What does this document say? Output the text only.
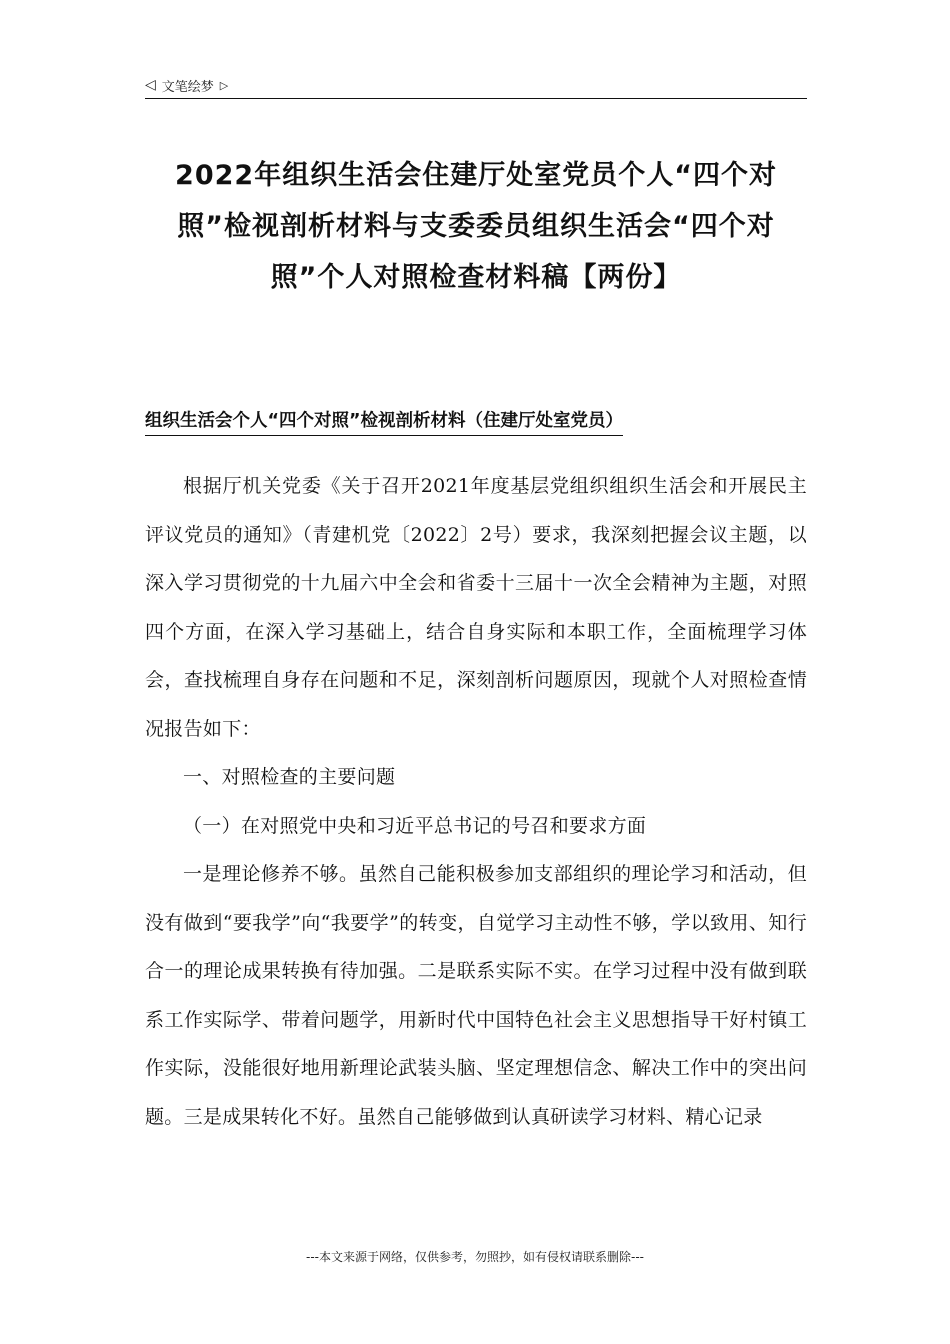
◁ 文笔绘梦 ▷
2022年组织生活会住建厅处室党员个人“四个对照”检视剖析材料与支委委员组织生活会“四个对照”个人对照检查材料稿【两份】
组织生活会个人“四个对照”检视剖析材料（住建厅处室党员）

根据厅机关党委《关于召开2021年度基层党组织组织生活会和开展民主评议党员的通知》（青建机党〔2022〕2号）要求，我深刻把握会议主题，以深入学习贯彻党的十九届六中全会和省委十三届十一次全会精神为主题，对照四个方面，在深入学习基础上，结合自身实际和本职工作，全面梳理学习体会，查找梳理自身存在问题和不足，深刻剖析问题原因，现就个人对照检查情况报告如下：

一、对照检查的主要问题

（一）在对照党中央和习近平总书记的号召和要求方面

一是理论修养不够。虽然自己能积极参加支部组织的理论学习和活动，但没有做到“要我学”向“我要学”的转变，自觉学习主动性不够，学以致用、知行合一的理论成果转换有待加强。二是联系实际不实。在学习过程中没有做到联系工作实际学、带着问题学，用新时代中国特色社会主义思想指导干好村镇工作实际，没能很好地用新理论武装头脑、坚定理想信念、解决工作中的突出问题。三是成果转化不好。虽然自己能够做到认真研读学习材料、精心记录

---本文来源于网络，仅供参考，勿照抄，如有侵权请联系删除---
